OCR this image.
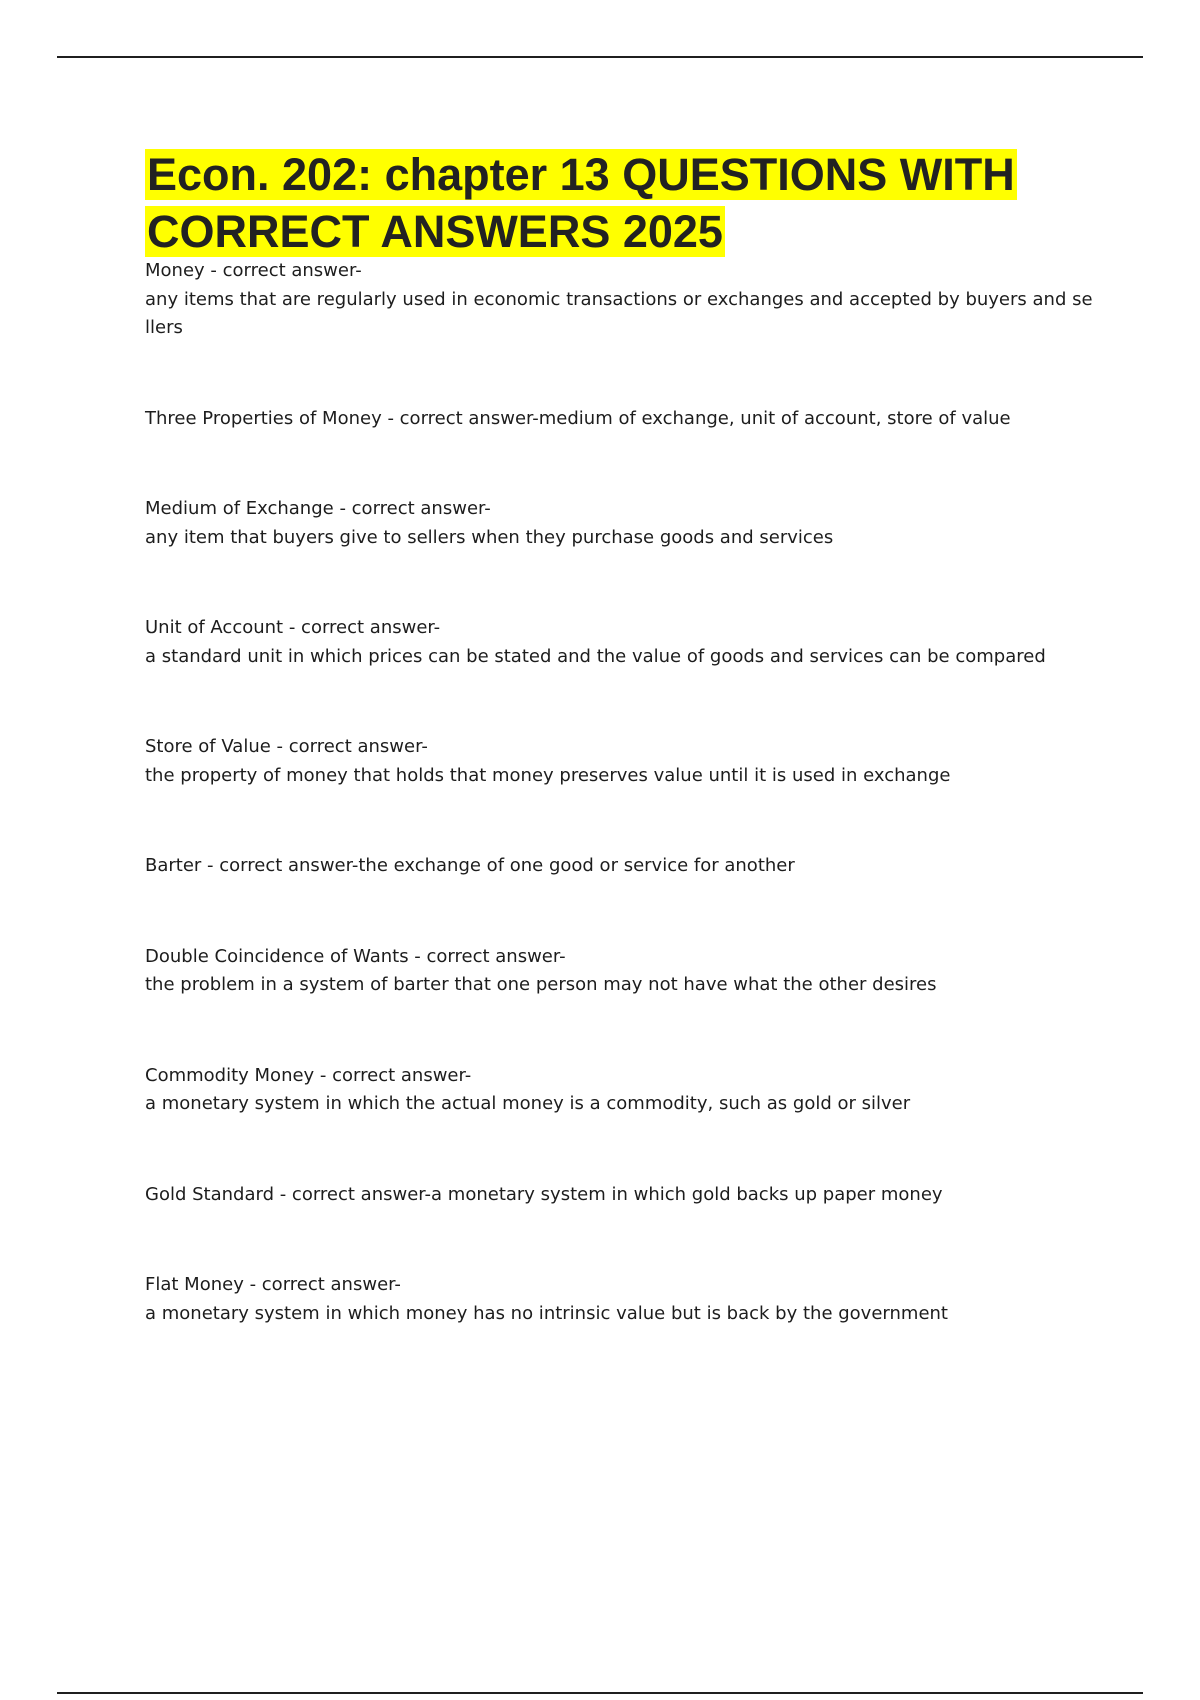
Econ. 202: chapter 13 QUESTIONS WITH CORRECT ANSWERS 2025
Money - correct answer-
any items that are regularly used in economic transactions or exchanges and accepted by buyers and sellers
Three Properties of Money - correct answer-medium of exchange, unit of account, store of value
Medium of Exchange - correct answer-
any item that buyers give to sellers when they purchase goods and services
Unit of Account - correct answer-
a standard unit in which prices can be stated and the value of goods and services can be compared
Store of Value - correct answer-
the property of money that holds that money preserves value until it is used in exchange
Barter - correct answer-the exchange of one good or service for another
Double Coincidence of Wants - correct answer-
the problem in a system of barter that one person may not have what the other desires
Commodity Money - correct answer-
a monetary system in which the actual money is a commodity, such as gold or silver
Gold Standard - correct answer-a monetary system in which gold backs up paper money
Flat Money - correct answer-
a monetary system in which money has no intrinsic value but is back by the government
